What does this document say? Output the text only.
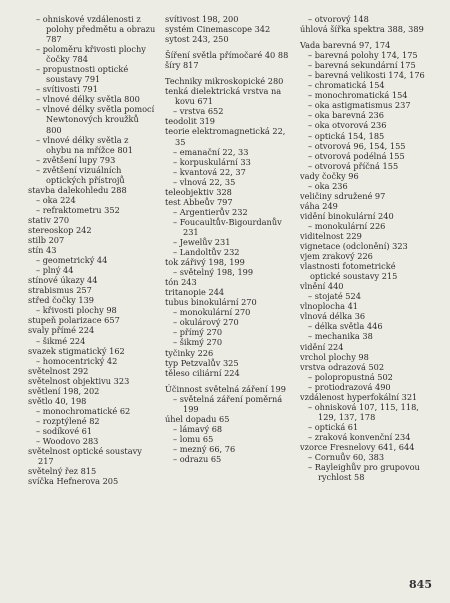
– ohniskové vzdálenosti z polohy předmětu a obrazu 787
– poloměru křivosti plochy čočky 784
– propustnosti optické soustavy 791
– svítivosti 791
– vlnové délky světla 800
– vlnové délky světla pomocí Newtonových kroužků 800
– vlnové délky světla z ohybu na mřížce 801
– zvětšení lupy 793
– zvětšení vizuálních optických přístrojů
stavba dalekohledu 288
– oka 224
– refraktometru 352
stativ 270
stereoskop 242
stilb 207
stín 43
– geometrický 44
– plný 44
stínové úkazy 44
strabismus 257
střed čočky 139
– křivosti plochy 98
stupeň polarizace 657
svaly přímé 224
– šikmé 224
svazek stigmatický 162
– homocentrický 42
světelnost 292
světelnost objektivu 323
světlení 198, 202
světlo 40, 198
– monochromatické 62
– rozptýlené 82
– sodíkové 61
– Woodovo 283
světelnost optické soustavy 217
světelný řez 815
svíčka Hefnerova 205
svítivost 198, 200
systém Cinemascope 342
sytost 243, 250
Šíření světla přímočaré 40 88
šíry 817
Techniky mikroskopické 280
tenká dielektrická vrstva na kovu 671
– vrstva 652
teodolit 319
teorie elektromagnetická 22, 35
– emanační 22, 33
– korpuskulární 33
– kvantová 22, 37
– vlnová 22, 35
teleobjektiv 328
test Abbeův 797
– Argentierův 232
– Foucaultův-Bigourdanův 231
– Jewelův 231
– Landoltův 232
tok zářivý 198, 199
– světelný 198, 199
tón 243
tritanopie 244
tubus binokulární 270
– monokulární 270
– okulárový 270
– přímý 270
– šikmý 270
tyčinky 226
typ Petzvalův 325
těleso ciliární 224
Účinnost světelná záření 199
– světelná záření poměrná 199
úhel dopadu 65
– lámavý 68
– lomu 65
– mezný 66, 76
– odrazu 65
– otvorový 148
úhlová šířka spektra 388, 389
Vada barevná 97, 174
– barevná polohy 174, 175
– barevná sekundární 175
– barevná velikosti 174, 176
– chromatická 154
– monochromatická 154
– oka astigmatismus 237
– oka barevná 236
– oka otvorová 236
– optická 154, 185
– otvorová 96, 154, 155
– otvorová podélná 155
– otvorová příčná 155
vady čočky 96
– oka 236
veličiny sdružené 97
váha 249
vidění binokulární 240
– monokulární 226
viditelnost 229
vignetace (odclonění) 323
vjem zrakový 226
vlastnosti fotometrické optické soustavy 215
vlnění 440
– stojaté 524
vlnoplocha 41
vlnová délka 36
– délka světla 446
– mechanika 38
vidění 224
vrchol plochy 98
vrstva odrazová 502
– polopropustná 502
– protiodrazová 490
vzdálenost hyperfokální 321
– ohnisková 107, 115, 118, 129, 137, 178
– optická 61
– zraková konvenční 234
vzorce Fresnelovy 641, 644
– Cornuův 60, 383
– Rayleighův pro grupovou rychlost 58
845
